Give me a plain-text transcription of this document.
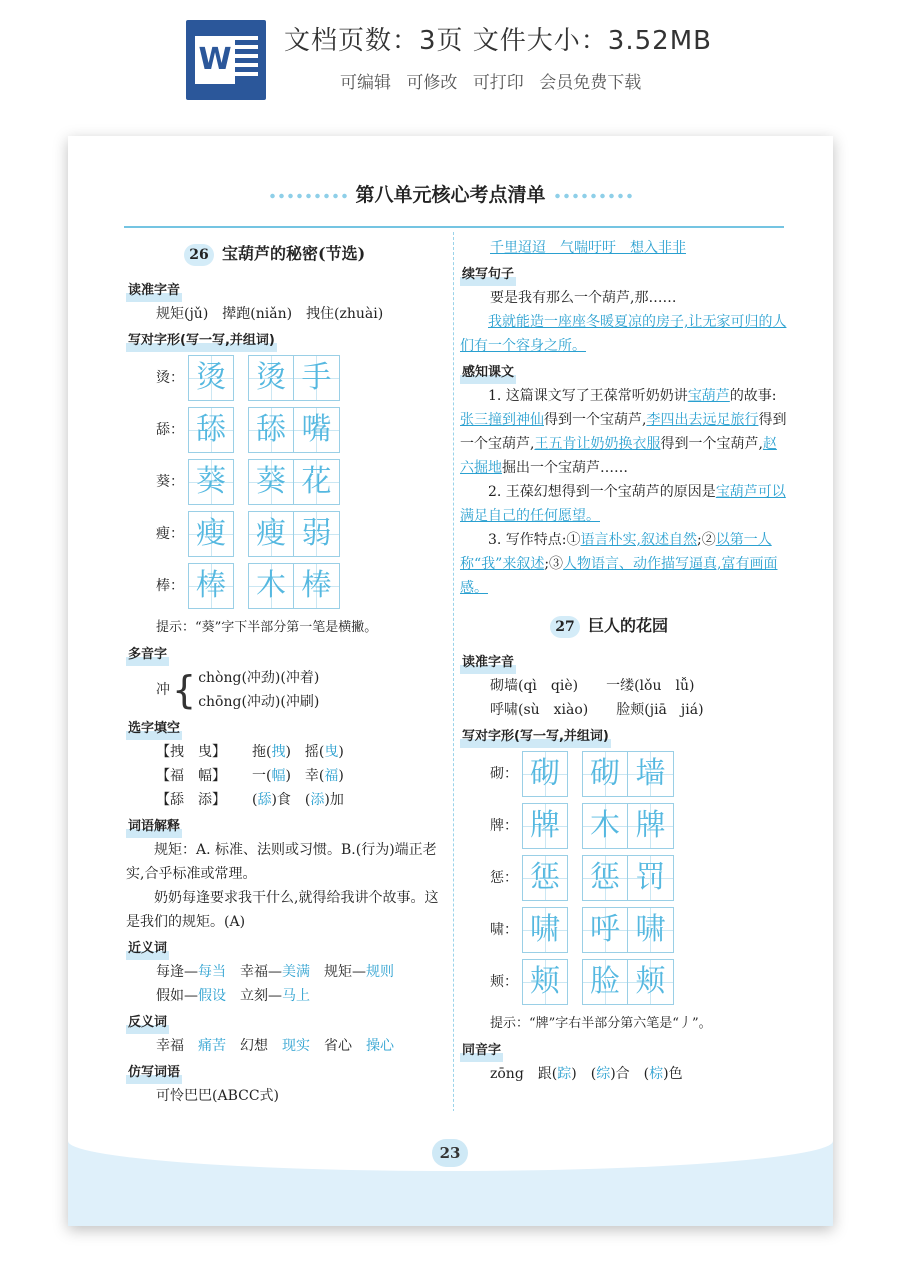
W
文档页数：3页 文件大小：3.52MB
可编辑 可修改 可打印 会员免费下载
第八单元核心考点清单
26 宝葫芦的秘密(节选)
读准字音
规矩(jǔ)　撵跑(niǎn)　拽住(zhuài)
写对字形(写一写,并组词)
烫： 烫 烫 手
舔： 舔 舔 嘴
葵： 葵 葵 花
瘦： 瘦 瘦 弱
棒： 棒 木 棒
提示：“葵”字下半部分第一笔是横撇。
多音字
冲 { chòng(冲劲)(冲着)
chōng(冲动)(冲刷)
选字填空
【拽　曳】 拖(拽)　摇(曳)
【福　幅】 一(幅)　幸(福)
【舔　添】 (舔)食　(添)加
词语解释
规矩：A. 标准、法则或习惯。B.(行为)端正老实,合乎标准或常理。
奶奶每逢要求我干什么,就得给我讲个故事。这是我们的规矩。(A)
近义词
每逢—每当　幸福—美满　规矩—规则
假如—假设　立刻—马上
反义词
幸福　痛苦　幻想　现实　省心　操心
仿写词语
可怜巴巴(ABCC式)
千里迢迢　气喘吁吁　想入非非
续写句子
要是我有那么一个葫芦,那……
我就能造一座座冬暖夏凉的房子,让无家可归的人们有一个容身之所。
感知课文
1. 这篇课文写了王葆常听奶奶讲宝葫芦的故事:张三撞到神仙得到一个宝葫芦,李四出去远足旅行得到一个宝葫芦,王五肯让奶奶换衣服得到一个宝葫芦,赵六掘地掘出一个宝葫芦……
2. 王葆幻想得到一个宝葫芦的原因是宝葫芦可以满足自己的任何愿望。
3. 写作特点:①语言朴实,叙述自然;②以第一人称“我”来叙述;③人物语言、动作描写逼真,富有画面感。
27 巨人的花园
读准字音
砌墙(qì　qiè)　　一缕(lǒu　lǚ)
呼啸(sù　xiào)　　脸颊(jiā　jiá)
写对字形(写一写,并组词)
砌： 砌 砌 墙
牌： 牌 木 牌
惩： 惩 惩 罚
啸： 啸 呼 啸
颊： 颊 脸 颊
提示：“牌”字右半部分第六笔是“丿”。
同音字
zōng　跟(踪)　(综)合　(棕)色
23
